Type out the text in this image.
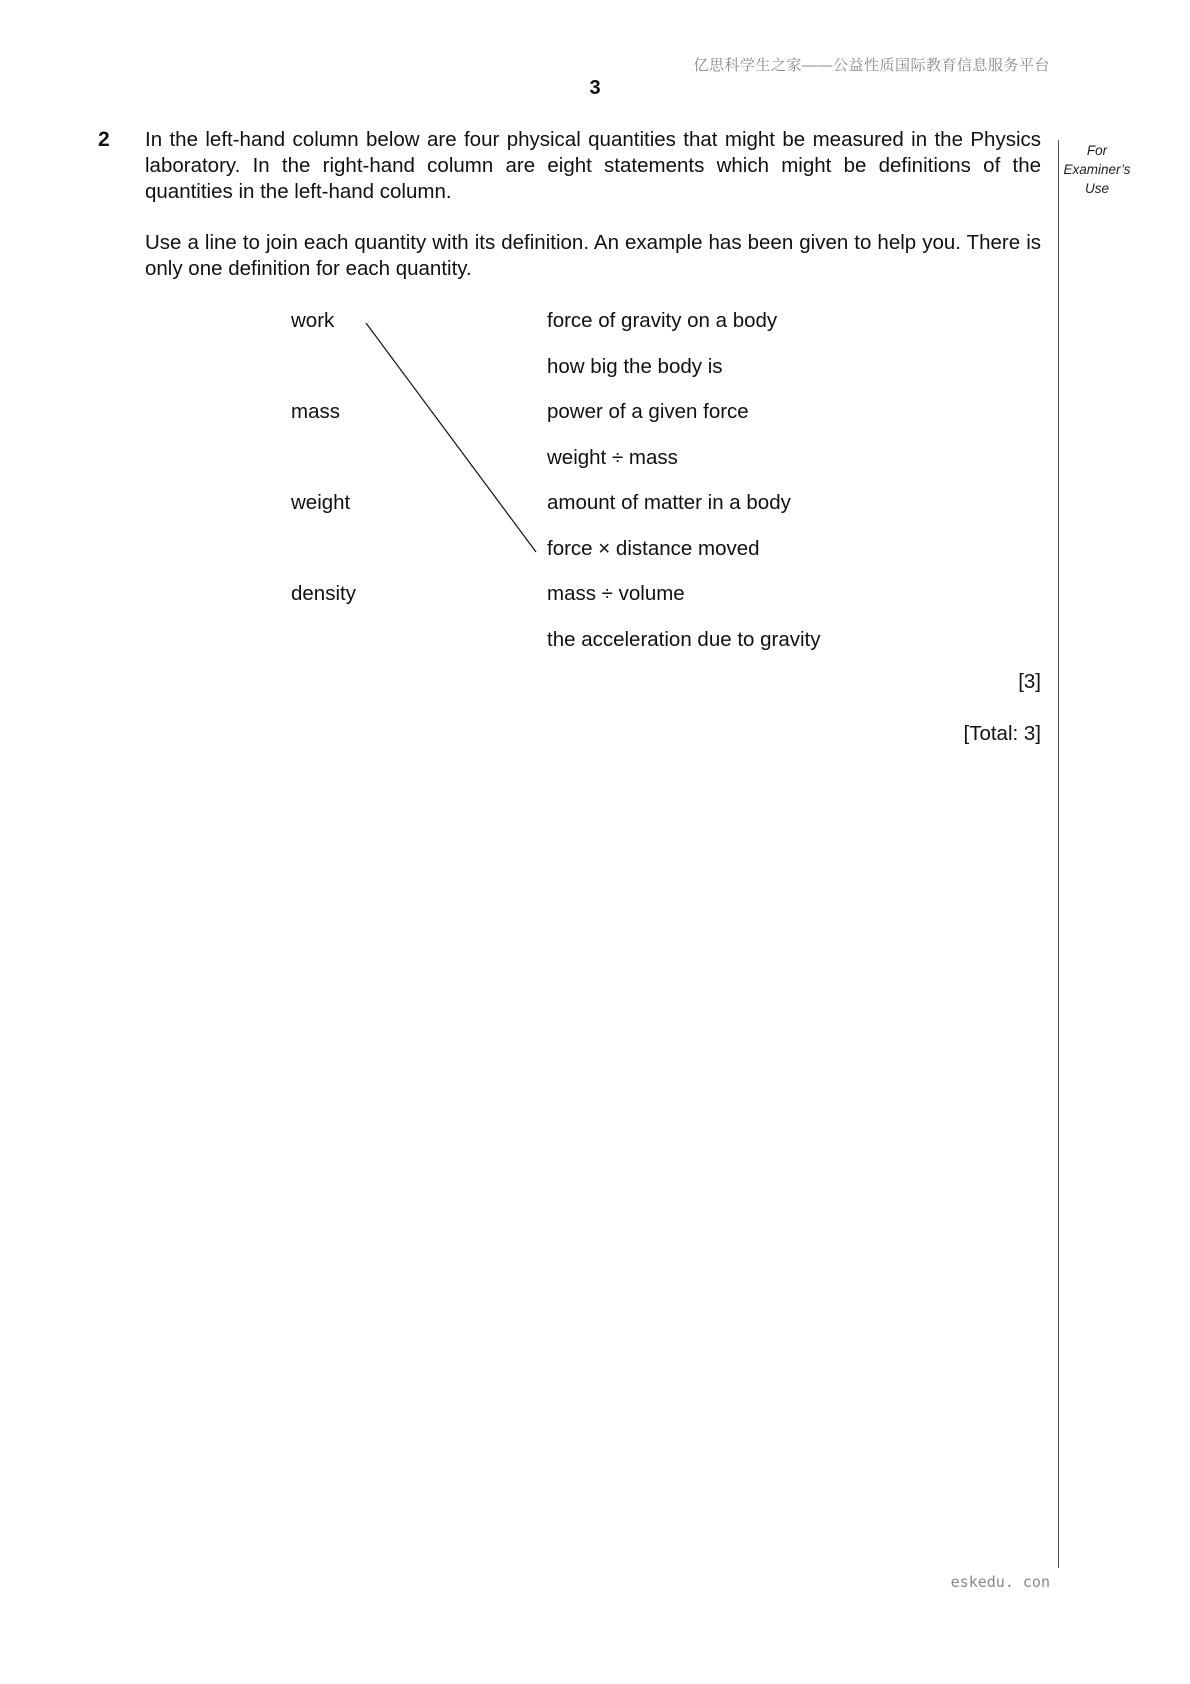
亿思科学生之家——公益性质国际教育信息服务平台
3
For
Examiner’s
Use
2 In the left-hand column below are four physical quantities that might be measured in the Physics laboratory. In the right-hand column are eight statements which might be definitions of the quantities in the left-hand column.
Use a line to join each quantity with its definition. An example has been given to help you. There is only one definition for each quantity.
work
mass
weight
density
force of gravity on a body
how big the body is
power of a given force
weight ÷ mass
amount of matter in a body
force × distance moved
mass ÷ volume
the acceleration due to gravity
[3]
[Total: 3]
eskedu. con
